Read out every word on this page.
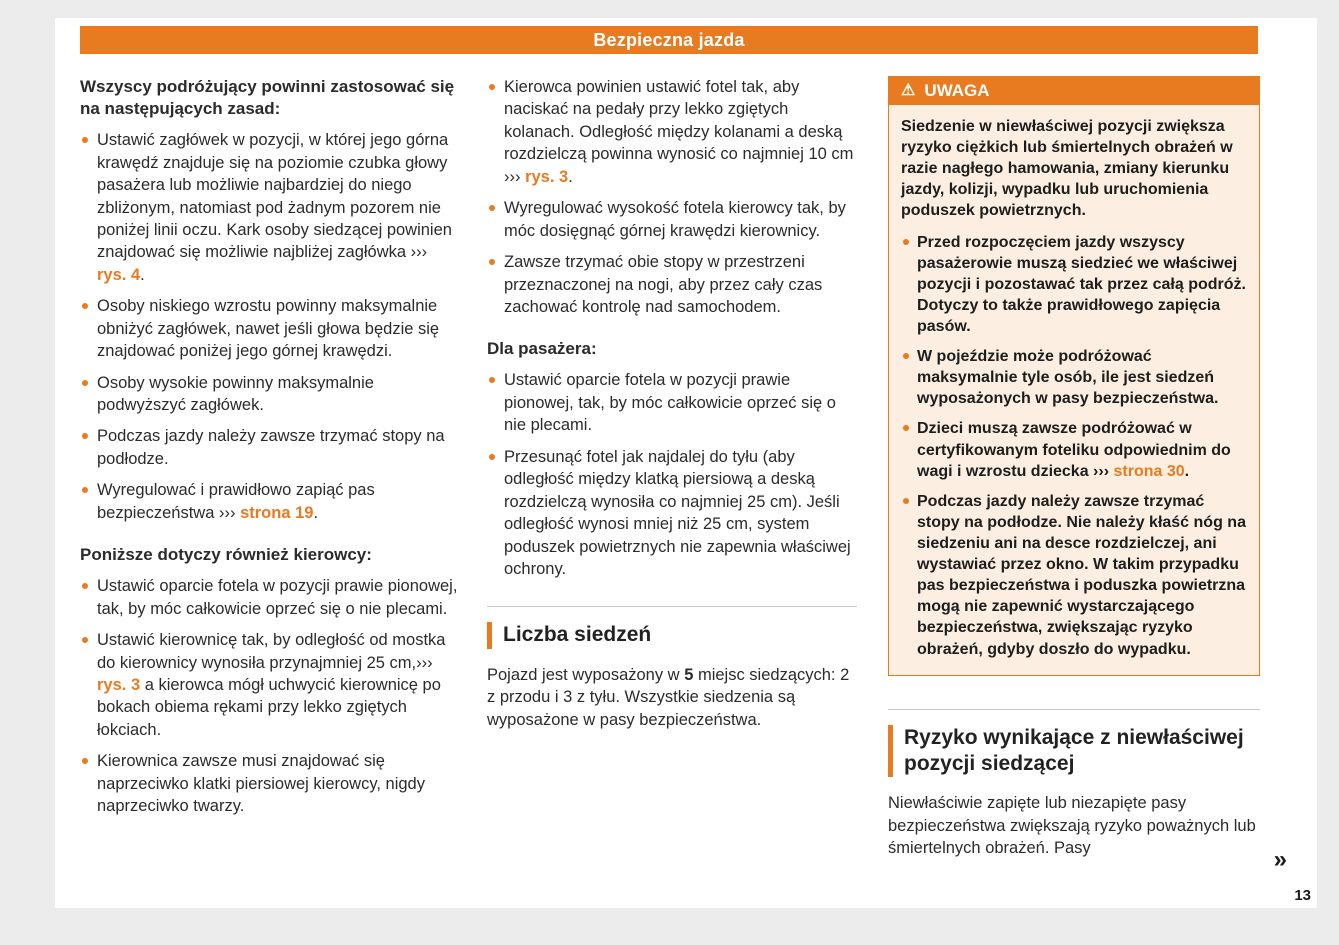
Bezpieczna jazda

Wszyscy podróżujący powinni zastosować się na następujących zasad:

Ustawić zagłówek w pozycji, w której jego górna krawędź znajduje się na poziomie czubka głowy pasażera lub możliwie najbardziej do niego zbliżonym, natomiast pod żadnym pozorem nie poniżej linii oczu. Kark osoby siedzącej powinien znajdować się możliwie najbliżej zagłówka ››› rys. 4.
Osoby niskiego wzrostu powinny maksymalnie obniżyć zagłówek, nawet jeśli głowa będzie się znajdować poniżej jego górnej krawędzi.
Osoby wysokie powinny maksymalnie podwyższyć zagłówek.
Podczas jazdy należy zawsze trzymać stopy na podłodze.
Wyregulować i prawidłowo zapiąć pas bezpieczeństwa ››› strona 19.

Poniższe dotyczy również kierowcy:

Ustawić oparcie fotela w pozycji prawie pionowej, tak, by móc całkowicie oprzeć się o nie plecami.
Ustawić kierownicę tak, by odległość od mostka do kierownicy wynosiła przynajmniej 25 cm,››› rys. 3 a kierowca mógł uchwycić kierownicę po bokach obiema rękami przy lekko zgiętych łokciach.
Kierownica zawsze musi znajdować się naprzeciwko klatki piersiowej kierowcy, nigdy naprzeciwko twarzy.
Kierowca powinien ustawić fotel tak, aby naciskać na pedały przy lekko zgiętych kolanach. Odległość między kolanami a deską rozdzielczą powinna wynosić co najmniej 10 cm ››› rys. 3.
Wyregulować wysokość fotela kierowcy tak, by móc dosięgnąć górnej krawędzi kierownicy.
Zawsze trzymać obie stopy w przestrzeni przeznaczonej na nogi, aby przez cały czas zachować kontrolę nad samochodem.

Dla pasażera:

Ustawić oparcie fotela w pozycji prawie pionowej, tak, by móc całkowicie oprzeć się o nie plecami.
Przesunąć fotel jak najdalej do tyłu (aby odległość między klatką piersiową a deską rozdzielczą wynosiła co najmniej 25 cm). Jeśli odległość wynosi mniej niż 25 cm, system poduszek powietrznych nie zapewnia właściwej ochrony.
Liczba siedzeń

Pojazd jest wyposażony w 5 miejsc siedzących: 2 z przodu i 3 z tyłu. Wszystkie siedzenia są wyposażone w pasy bezpieczeństwa.

⚠ UWAGA

Siedzenie w niewłaściwej pozycji zwiększa ryzyko ciężkich lub śmiertelnych obrażeń w razie nagłego hamowania, zmiany kierunku jazdy, kolizji, wypadku lub uruchomienia poduszek powietrznych.

Przed rozpoczęciem jazdy wszyscy pasażerowie muszą siedzieć we właściwej pozycji i pozostawać tak przez całą podróż. Dotyczy to także prawidłowego zapięcia pasów.
W pojeździe może podróżować maksymalnie tyle osób, ile jest siedzeń wyposażonych w pasy bezpieczeństwa.
Dzieci muszą zawsze podróżować w certyfikowanym foteliku odpowiednim do wagi i wzrostu dziecka ››› strona 30.
Podczas jazdy należy zawsze trzymać stopy na podłodze. Nie należy kłaść nóg na siedzeniu ani na desce rozdzielczej, ani wystawiać przez okno. W takim przypadku pas bezpieczeństwa i poduszka powietrzna mogą nie zapewnić wystarczającego bezpieczeństwa, zwiększając ryzyko obrażeń, gdyby doszło do wypadku.
Ryzyko wynikające z niewłaściwej pozycji siedzącej

Niewłaściwie zapięte lub niezapięte pasy bezpieczeństwa zwiększają ryzyko poważnych lub śmiertelnych obrażeń. Pasy	»
13
